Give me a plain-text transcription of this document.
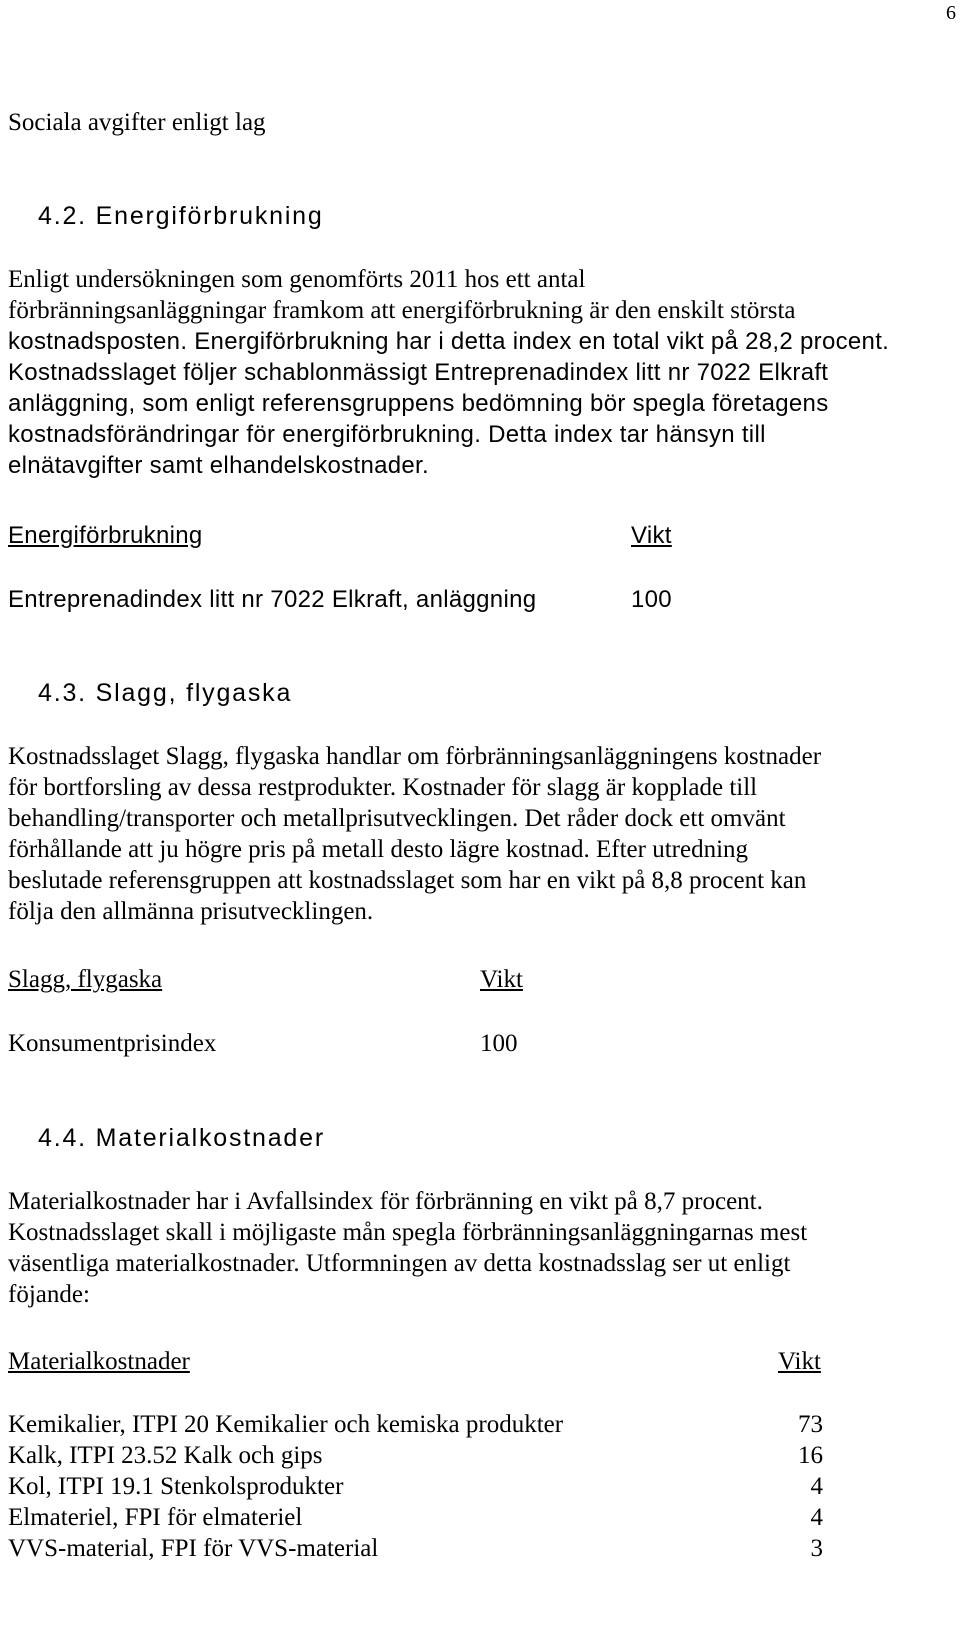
6

Sociala avgifter enligt lag

4.2. Energiförbrukning

Enligt undersökningen som genomförts 2011 hos ett antal

förbränningsanläggningar framkom att energiförbrukning är den enskilt största

kostnadsposten. Energiförbrukning har i detta index en total vikt på 28,2 procent.

Kostnadsslaget följer schablonmässigt Entreprenadindex litt nr 7022 Elkraft

anläggning, som enligt referensgruppens bedömning bör spegla företagens

kostnadsförändringar för energiförbrukning. Detta index tar hänsyn till

elnätavgifter samt elhandelskostnader.

Energiförbrukning	Vikt
Entreprenadindex litt nr 7022 Elkraft, anläggning	100
4.3. Slagg, flygaska

Kostnadsslaget Slagg, flygaska handlar om förbränningsanläggningens kostnader

för bortforsling av dessa restprodukter. Kostnader för slagg är kopplade till

behandling/transporter och metallprisutvecklingen. Det råder dock ett omvänt

förhållande att ju högre pris på metall desto lägre kostnad. Efter utredning

beslutade referensgruppen att kostnadsslaget som har en vikt på 8,8 procent kan

följa den allmänna prisutvecklingen.

Slagg, flygaska	Vikt
Konsumentprisindex	100
4.4. Materialkostnader

Materialkostnader har i Avfallsindex för förbränning en vikt på 8,7 procent.

Kostnadsslaget skall i möjligaste mån spegla förbränningsanläggningarnas mest

väsentliga materialkostnader. Utformningen av detta kostnadsslag ser ut enligt

föjande:

Materialkostnader	Vikt
Kemikalier, ITPI 20 Kemikalier och kemiska produkter	73
Kalk, ITPI 23.52 Kalk och gips	16
Kol, ITPI 19.1 Stenkolsprodukter	4
Elmateriel, FPI för elmateriel	4
VVS-material, FPI för VVS-material	3
